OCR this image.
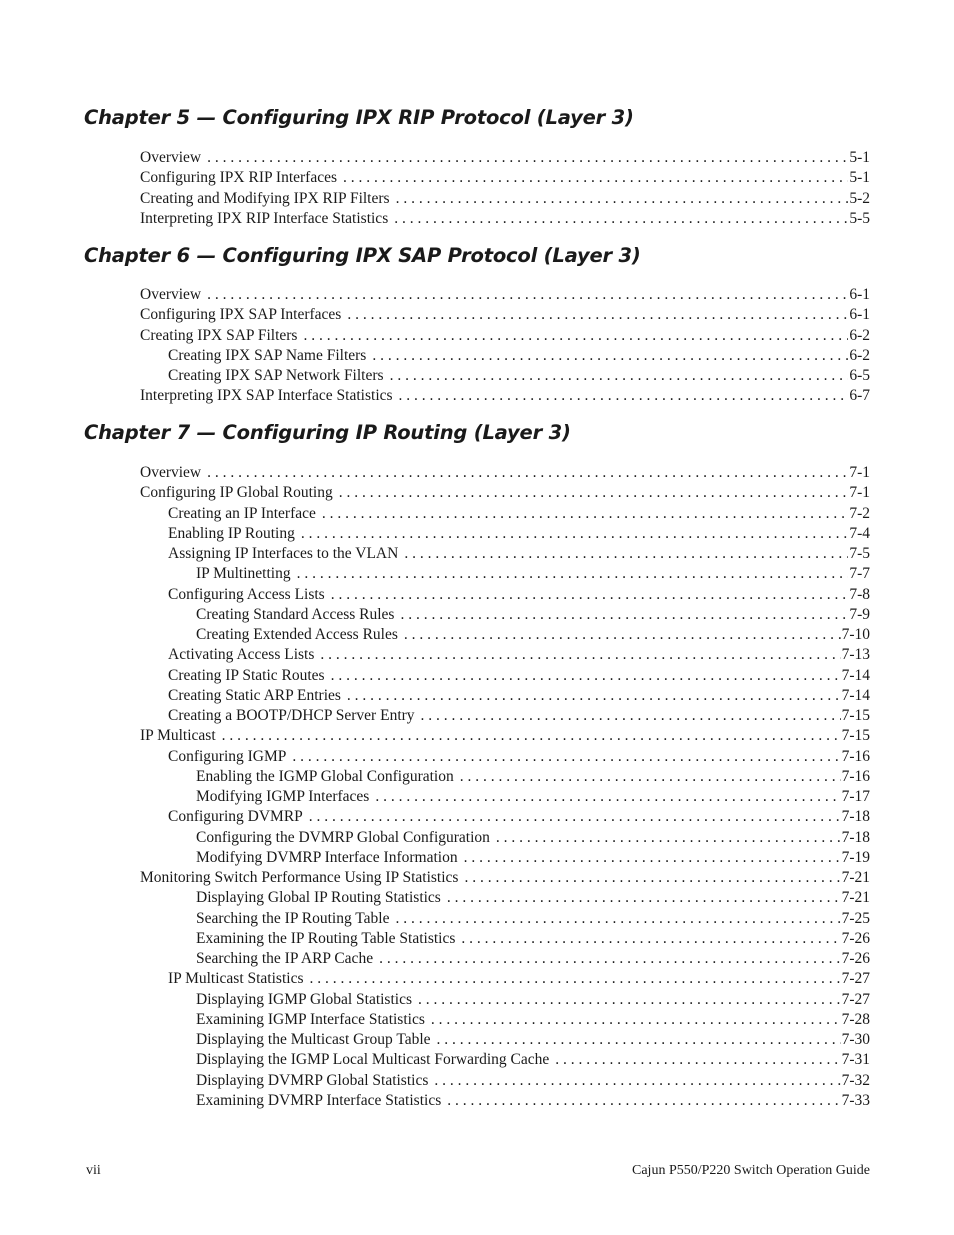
Chapter 5 — Configuring IPX RIP Protocol (Layer 3)
Overview . . .	5-1
Configuring IPX RIP Interfaces . . .	5-1
Creating and Modifying IPX RIP Filters . . .	5-2
Interpreting IPX RIP Interface Statistics . . .	5-5
Chapter 6 — Configuring IPX SAP Protocol (Layer 3)
Overview . . .	6-1
Configuring IPX SAP Interfaces . . .	6-1
Creating IPX SAP Filters . . .	6-2
Creating IPX SAP Name Filters . . .	6-2
Creating IPX SAP Network Filters . . .	6-5
Interpreting IPX SAP Interface Statistics . . .	6-7
Chapter 7 — Configuring IP Routing (Layer 3)
Overview . . .	7-1
Configuring IP Global Routing . . .	7-1
Creating an IP Interface . . .	7-2
Enabling IP Routing . . .	7-4
Assigning IP Interfaces to the VLAN . . .	7-5
IP Multinetting . . .	7-7
Configuring Access Lists . . .	7-8
Creating Standard Access Rules . . .	7-9
Creating Extended Access Rules . . .	7-10
Activating Access Lists . . .	7-13
Creating IP Static Routes . . .	7-14
Creating Static ARP Entries . . .	7-14
Creating a BOOTP/DHCP Server Entry . . .	7-15
IP Multicast . . .	7-15
Configuring IGMP . . .	7-16
Enabling the IGMP Global Configuration . . .	7-16
Modifying IGMP Interfaces . . .	7-17
Configuring DVMRP . . .	7-18
Configuring the DVMRP Global Configuration . . .	7-18
Modifying DVMRP Interface Information . . .	7-19
Monitoring Switch Performance Using IP Statistics . . .	7-21
Displaying Global IP Routing Statistics . . .	7-21
Searching the IP Routing Table . . .	7-25
Examining the IP Routing Table Statistics . . .	7-26
Searching the IP ARP Cache . . .	7-26
IP Multicast Statistics . . .	7-27
Displaying IGMP Global Statistics . . .	7-27
Examining IGMP Interface Statistics . . .	7-28
Displaying the Multicast Group Table . . .	7-30
Displaying the IGMP Local Multicast Forwarding Cache . . .	7-31
Displaying DVMRP Global Statistics . . .	7-32
Examining DVMRP Interface Statistics . . .	7-33
vii	Cajun P550/P220 Switch Operation Guide
